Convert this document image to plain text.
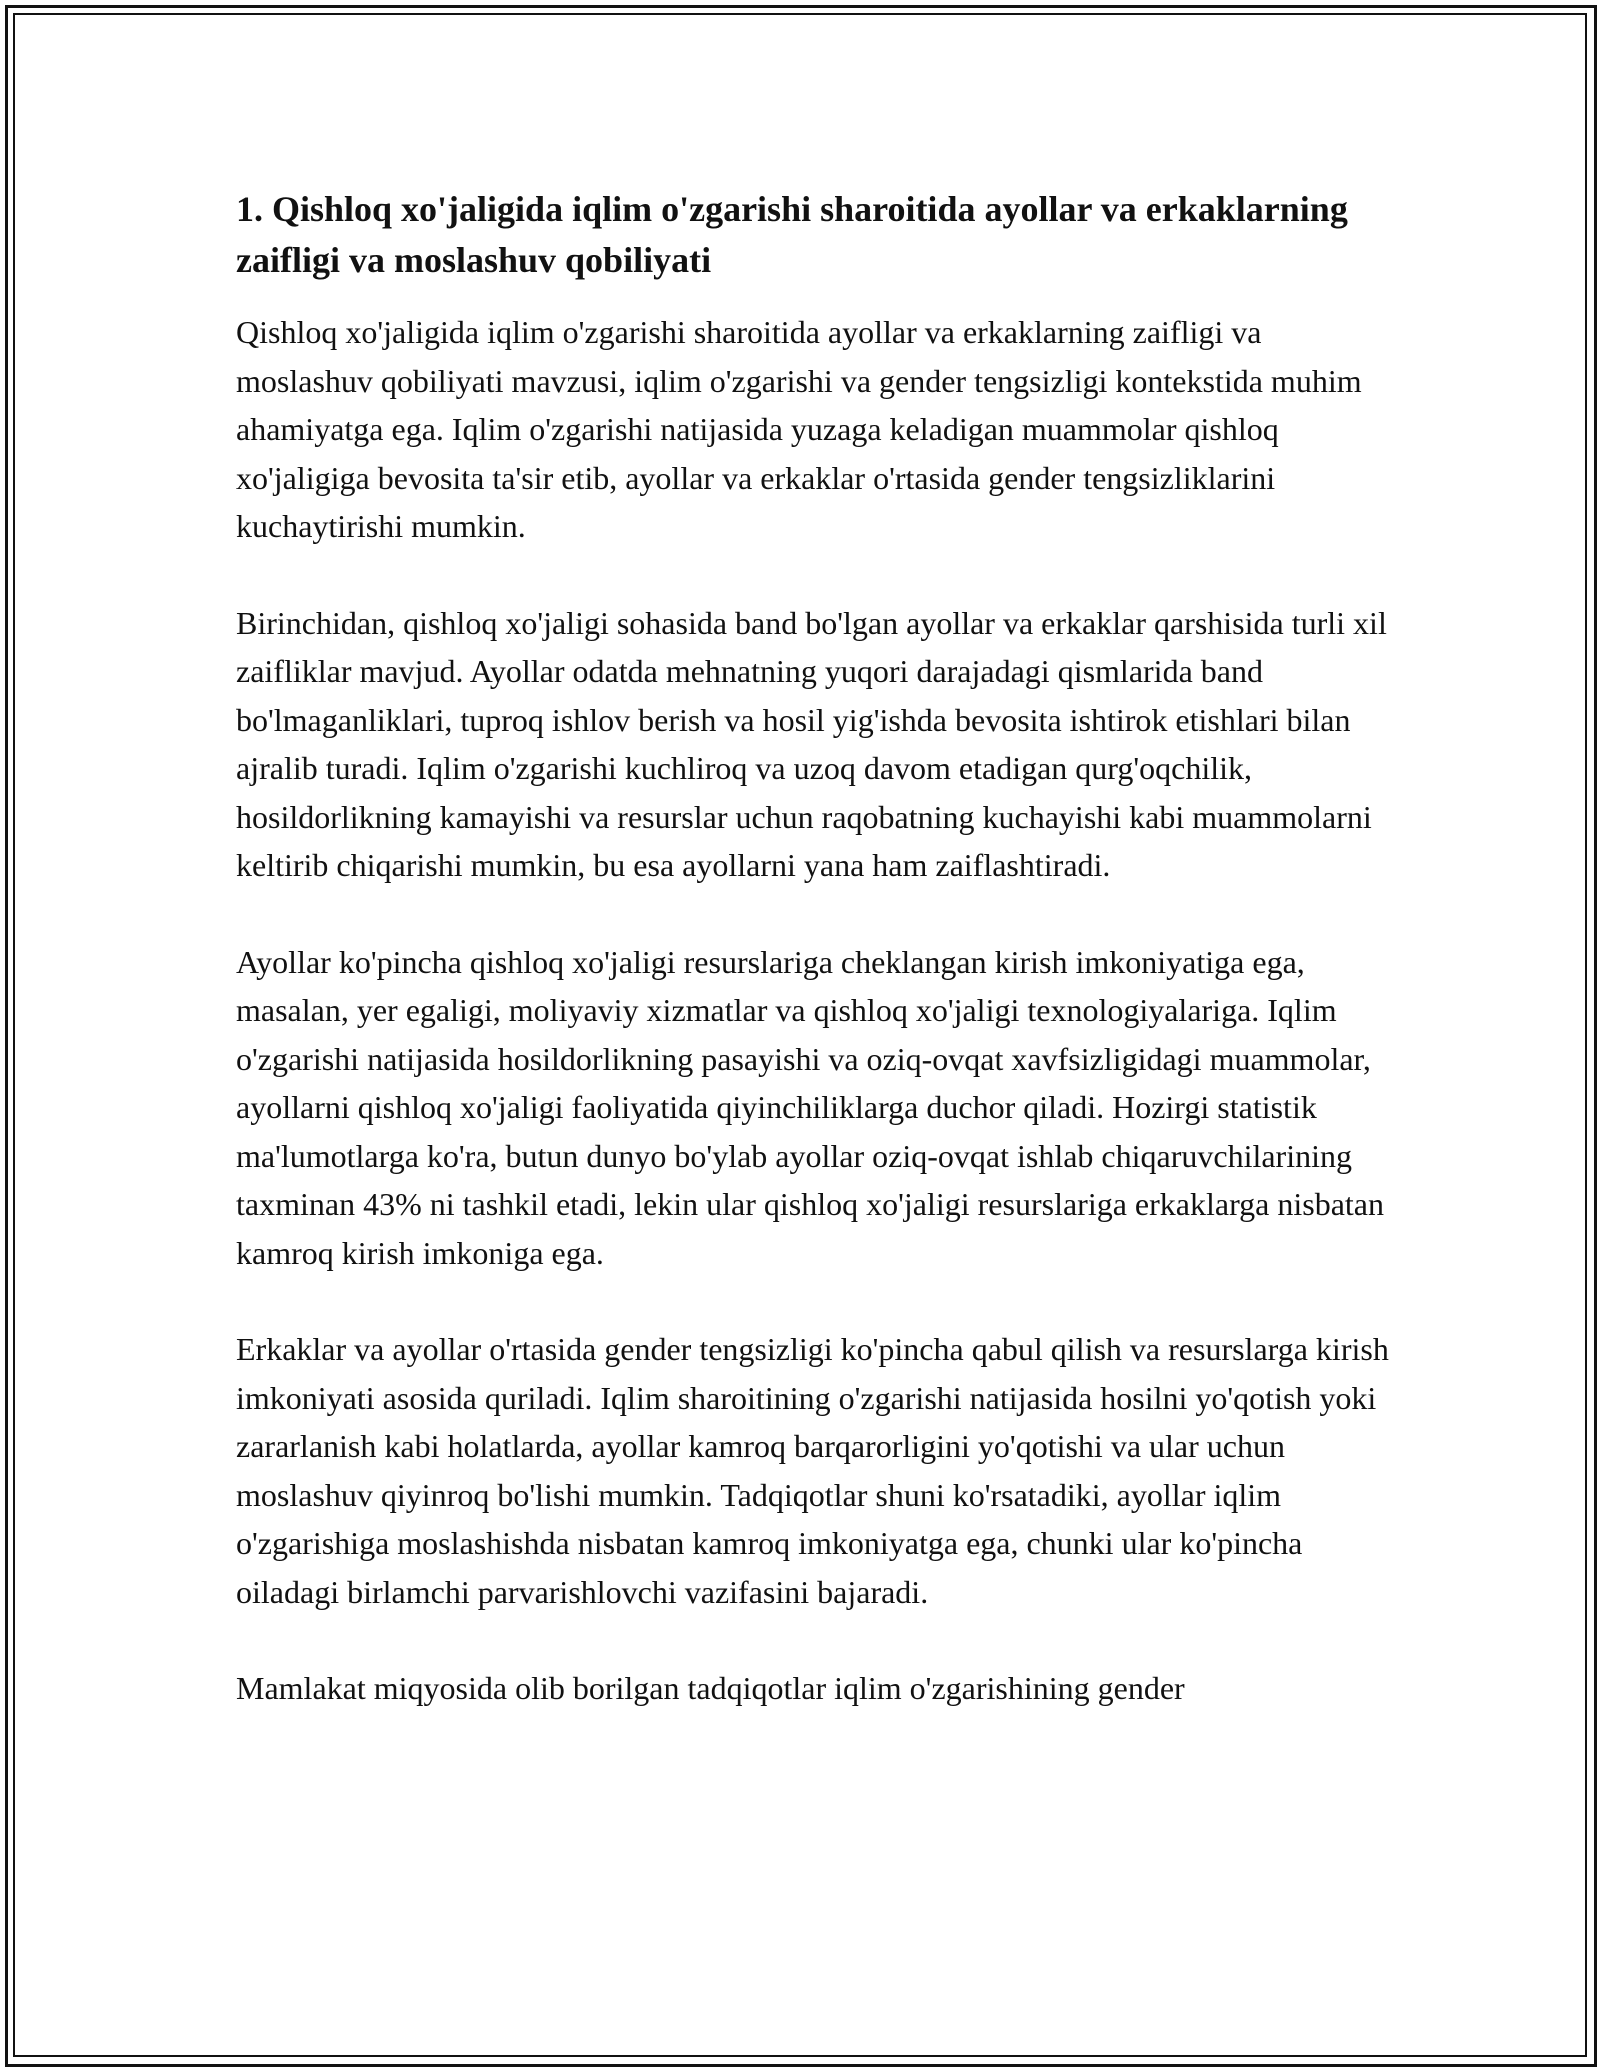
1. Qishloq xo'jaligida iqlim o'zgarishi sharoitida ayollar va erkaklarning zaifligi va moslashuv qobiliyati

Qishloq xo'jaligida iqlim o'zgarishi sharoitida ayollar va erkaklarning zaifligi va moslashuv qobiliyati mavzusi, iqlim o'zgarishi va gender tengsizligi kontekstida muhim ahamiyatga ega. Iqlim o'zgarishi natijasida yuzaga keladigan muammolar qishloq xo'jaligiga bevosita ta'sir etib, ayollar va erkaklar o'rtasida gender tengsizliklarini kuchaytirishi mumkin.

Birinchidan, qishloq xo'jaligi sohasida band bo'lgan ayollar va erkaklar qarshisida turli xil zaifliklar mavjud. Ayollar odatda mehnatning yuqori darajadagi qismlarida band bo'lmaganliklari, tuproq ishlov berish va hosil yig'ishda bevosita ishtirok etishlari bilan ajralib turadi. Iqlim o'zgarishi kuchliroq va uzoq davom etadigan qurg'oqchilik, hosildorlikning kamayishi va resurslar uchun raqobatning kuchayishi kabi muammolarni keltirib chiqarishi mumkin, bu esa ayollarni yana ham zaiflashtiradi.

Ayollar ko'pincha qishloq xo'jaligi resurslariga cheklangan kirish imkoniyatiga ega, masalan, yer egaligi, moliyaviy xizmatlar va qishloq xo'jaligi texnologiyalariga. Iqlim o'zgarishi natijasida hosildorlikning pasayishi va oziq-ovqat xavfsizligidagi muammolar, ayollarni qishloq xo'jaligi faoliyatida qiyinchiliklarga duchor qiladi. Hozirgi statistik ma'lumotlarga ko'ra, butun dunyo bo'ylab ayollar oziq-ovqat ishlab chiqaruvchilarining taxminan 43% ni tashkil etadi, lekin ular qishloq xo'jaligi resurslariga erkaklarga nisbatan kamroq kirish imkoniga ega.

Erkaklar va ayollar o'rtasida gender tengsizligi ko'pincha qabul qilish va resurslarga kirish imkoniyati asosida quriladi. Iqlim sharoitining o'zgarishi natijasida hosilni yo'qotish yoki zararlanish kabi holatlarda, ayollar kamroq barqarorligini yo'qotishi va ular uchun moslashuv qiyinroq bo'lishi mumkin. Tadqiqotlar shuni ko'rsatadiki, ayollar iqlim o'zgarishiga moslashishda nisbatan kamroq imkoniyatga ega, chunki ular ko'pincha oiladagi birlamchi parvarishlovchi vazifasini bajaradi.

Mamlakat miqyosida olib borilgan tadqiqotlar iqlim o'zgarishining gender
